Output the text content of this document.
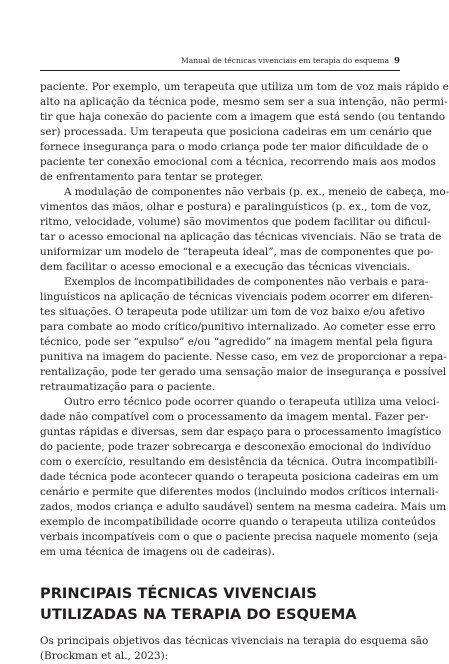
Manual de técnicas vivenciais em terapia do esquema 9
paciente. Por exemplo, um terapeuta que utiliza um tom de voz mais rápido e
alto na aplicação da técnica pode, mesmo sem ser a sua intenção, não permi-
tir que haja conexão do paciente com a imagem que está sendo (ou tentando
ser) processada. Um terapeuta que posiciona cadeiras em um cenário que
fornece insegurança para o modo criança pode ter maior dificuldade de o
paciente ter conexão emocional com a técnica, recorrendo mais aos modos
de enfrentamento para tentar se proteger.
A modulação de componentes não verbais (p. ex., meneio de cabeça, mo-
vimentos das mãos, olhar e postura) e paralinguísticos (p. ex., tom de voz,
ritmo, velocidade, volume) são movimentos que podem facilitar ou dificul-
tar o acesso emocional na aplicação das técnicas vivenciais. Não se trata de
uniformizar um modelo de “terapeuta ideal”, mas de componentes que po-
dem facilitar o acesso emocional e a execução das técnicas vivenciais.
Exemplos de incompatibilidades de componentes não verbais e para-
linguísticos na aplicação de técnicas vivenciais podem ocorrer em diferen-
tes situações. O terapeuta pode utilizar um tom de voz baixo e/ou afetivo
para combate ao modo crítico/punitivo internalizado. Ao cometer esse erro
técnico, pode ser “expulso” e/ou “agredido” na imagem mental pela figura
punitiva na imagem do paciente. Nesse caso, em vez de proporcionar a repa-
rentalização, pode ter gerado uma sensação maior de insegurança e possível
retraumatização para o paciente.
Outro erro técnico pode ocorrer quando o terapeuta utiliza uma veloci-
dade não compatível com o processamento da imagem mental. Fazer per-
guntas rápidas e diversas, sem dar espaço para o processamento imagístico
do paciente, pode trazer sobrecarga e desconexão emocional do indivíduo
com o exercício, resultando em desistência da técnica. Outra incompatibili-
dade técnica pode acontecer quando o terapeuta posiciona cadeiras em um
cenário e permite que diferentes modos (incluindo modos críticos internali-
zados, modos criança e adulto saudável) sentem na mesma cadeira. Mais um
exemplo de incompatibilidade ocorre quando o terapeuta utiliza conteúdos
verbais incompatíveis com o que o paciente precisa naquele momento (seja
em uma técnica de imagens ou de cadeiras).
PRINCIPAIS TÉCNICAS VIVENCIAIS
UTILIZADAS NA TERAPIA DO ESQUEMA
Os principais objetivos das técnicas vivenciais na terapia do esquema são
(Brockman et al., 2023):
